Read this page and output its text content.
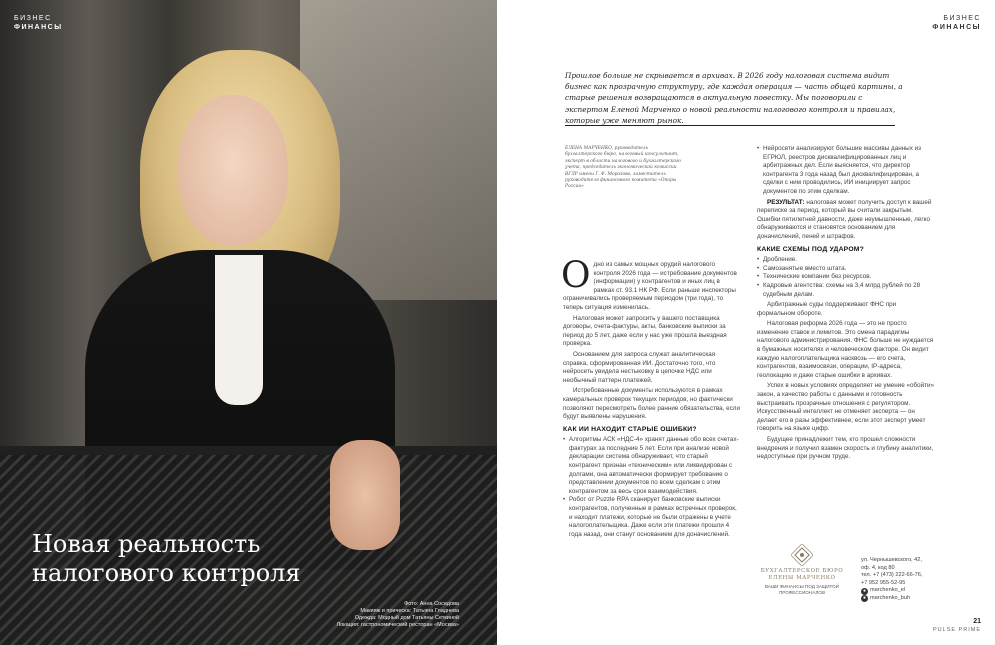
БИЗНЕС
ФИНАНСЫ
Новая реальность налогового контроля
Фото: Анна Соседова
Макияж и прическа: Татьяна Гладнева
Одежда: Модный дом Татьяны Сеткиной
Локация: гастрономический ресторан «Москва»
БИЗНЕС
ФИНАНСЫ

Прошлое больше не скрывается в архивах. В 2026 году налоговая система видит бизнес как прозрачную структуру, где каждая операция — часть общей картины, а старые решения возвращаются в актуальную повестку. Мы поговорили с экспертом Еленой Марченко о новой реальности налогового контроля и правилах, которые уже меняют рынок.

ЕЛЕНА МАРЧЕНКО, руководитель бухгалтерского бюро, налоговый консультант, эксперт в области налогового и бухгалтерского учета, председатель экономической комиссии ВГЛР имени Г. Ф. Морозова, заместитель руководителя финансового комитета «Опоры России»

Одно из самых мощных орудий налогового контроля 2026 года — истребование документов (информации) у контрагентов и иных лиц в рамках ст. 93.1 НК РФ. Если раньше инспекторы ограничивались проверяемым периодом (три года), то теперь ситуация изменилась.

Налоговая может запросить у вашего поставщика договоры, счета-фактуры, акты, банковские выписки за период до 5 лет, даже если у нас уже прошла выездная проверка.

Основанием для запроса служат аналитическая справка, сформированная ИИ. Достаточно того, что нейросеть увидела нестыковку в цепочке НДС или необычный паттерн платежей.

Истребованные документы используются в рамках камеральных проверок текущих периодов, но фактически позволяют пересмотреть более ранние обязательства, если будут выявлены нарушения.

КАК ИИ НАХОДИТ СТАРЫЕ ОШИБКИ?
• Алгоритмы АСК «НДС-4» хранят данные обо всех счетах-фактурах за последние 5 лет. Если при анализе новой декларации система обнаруживает, что старый контрагент признан «техническим» или ликвидирован с долгами, она автоматически формирует требование о представлении документов по всем сделкам с этим контрагентом за весь срок взаимодействия.
• Робот от Puzzle RPA сканирует банковские выписки контрагентов, полученные в рамках встречных проверок, и находит платежи, которые не были отражены в учете налогоплательщика. Даже если эти платежи прошли 4 года назад, они станут основанием для доначислений.
• Нейросети анализируют большие массивы данных из ЕГРЮЛ, реестров дисквалифицированных лиц и арбитражных дел. Если выясняется, что директор контрагента 3 года назад был дисквалифицирован, а сделки с ним проводились, ИИ инициирует запрос документов по этим сделкам.

РЕЗУЛЬТАТ: налоговая может получить доступ к вашей переписке за период, который вы считали закрытым. Ошибки пятилетней давности, даже неумышленные, легко обнаруживаются и становятся основанием для доначислений, пеней и штрафов.

КАКИЕ СХЕМЫ ПОД УДАРОМ?
• Дробление.
• Самозанятые вместо штата.
• Технические компании без ресурсов.
• Кадровые агентства: схемы на 3,4 млрд рублей по 28 судебным делам.

Арбитражные суды поддерживают ФНС при формальном обороте.

Налоговая реформа 2026 года — это не просто изменение ставок и лимитов. Это смена парадигмы налогового администрирования. ФНС больше не нуждается в бумажных носителях и человеческом факторе. Он видит каждую налогоплательщика насквозь — его счета, контрагентов, взаимосвязи, операции, IP-адреса, геолокацию и даже старые ошибки в архивах.

Успех в новых условиях определяет не умение «обойти» закон, а качество работы с данными и готовность выстраивать прозрачные отношения с регулятором. Искусственный интеллект не отменяет эксперта — он делает его в разы эффективнее, если этот эксперт умеет говорить на языке цифр.

Будущее принадлежит тем, кто прошел сложности внедрения и получил взамен скорость и глубину аналитики, недоступные при ручном труде.

БУХГАЛТЕРСКОЕ БЮРО
ЕЛЕНЫ МАРЧЕНКО
ВАШИ ФИНАНСЫ ПОД ЗАЩИТОЙ
ПРОФЕССИОНАЛОВ
ул. Чернышевского, 42,
оф. 4, код 80
тел. +7 (473) 222-66-76,
+7 952 955-52-95
● marchenko_el
● marchenko_buh
21
PULSE PRIME
